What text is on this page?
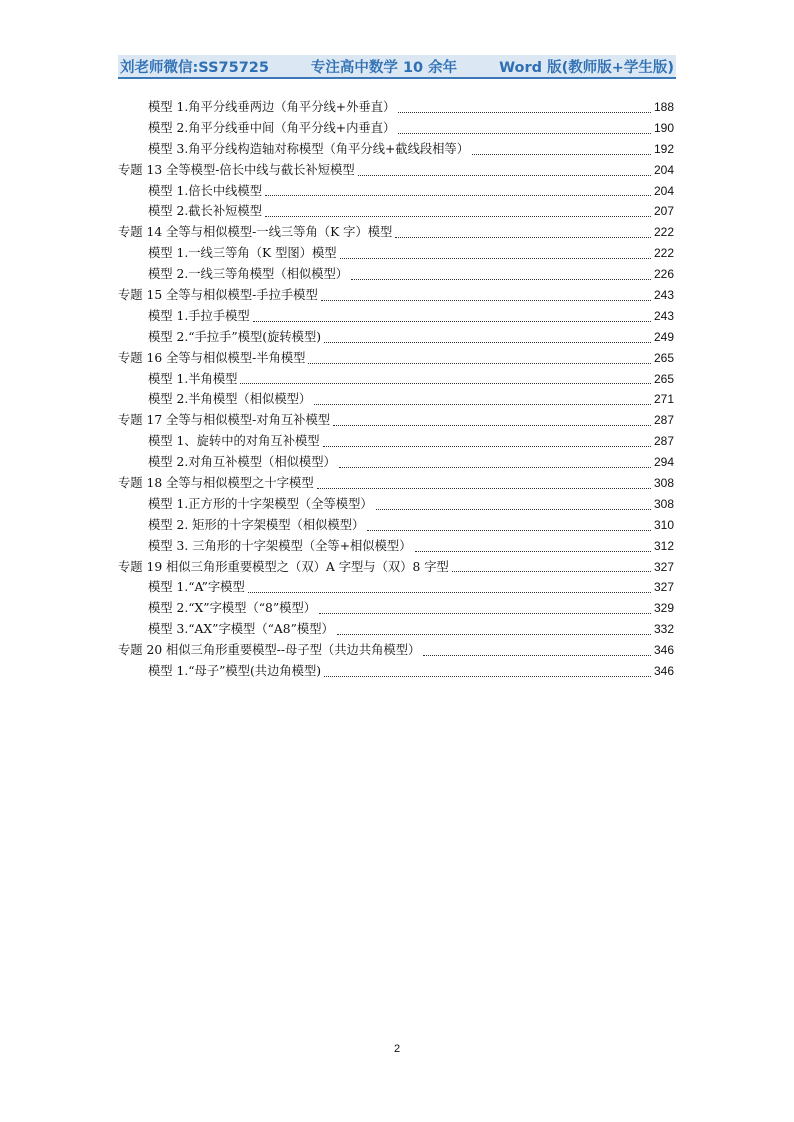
刘老师微信:SS75725	专注高中数学 10 余年	Word 版(教师版+学生版)
模型 1.角平分线垂两边（角平分线+外垂直）	188
模型 2.角平分线垂中间（角平分线+内垂直）	190
模型 3.角平分线构造轴对称模型（角平分线+截线段相等）	192
专题 13 全等模型-倍长中线与截长补短模型	204
模型 1.倍长中线模型	204
模型 2.截长补短模型	207
专题 14 全等与相似模型-一线三等角（K 字）模型	222
模型 1.一线三等角（K 型图）模型	222
模型 2.一线三等角模型（相似模型）	226
专题 15 全等与相似模型-手拉手模型	243
模型 1.手拉手模型	243
模型 2.“手拉手”模型(旋转模型)	249
专题 16 全等与相似模型-半角模型	265
模型 1.半角模型	265
模型 2.半角模型（相似模型）	271
专题 17 全等与相似模型-对角互补模型	287
模型 1、旋转中的对角互补模型	287
模型 2.对角互补模型（相似模型）	294
专题 18 全等与相似模型之十字模型	308
模型 1.正方形的十字架模型（全等模型）	308
模型 2. 矩形的十字架模型（相似模型）	310
模型 3. 三角形的十字架模型（全等+相似模型）	312
专题 19 相似三角形重要模型之（双）A 字型与（双）8 字型	327
模型 1.“A”字模型	327
模型 2.“X”字模型（“8”模型）	329
模型 3.“AX”字模型（“A8”模型）	332
专题 20 相似三角形重要模型--母子型（共边共角模型）	346
模型 1.“母子”模型(共边角模型)	346
2
